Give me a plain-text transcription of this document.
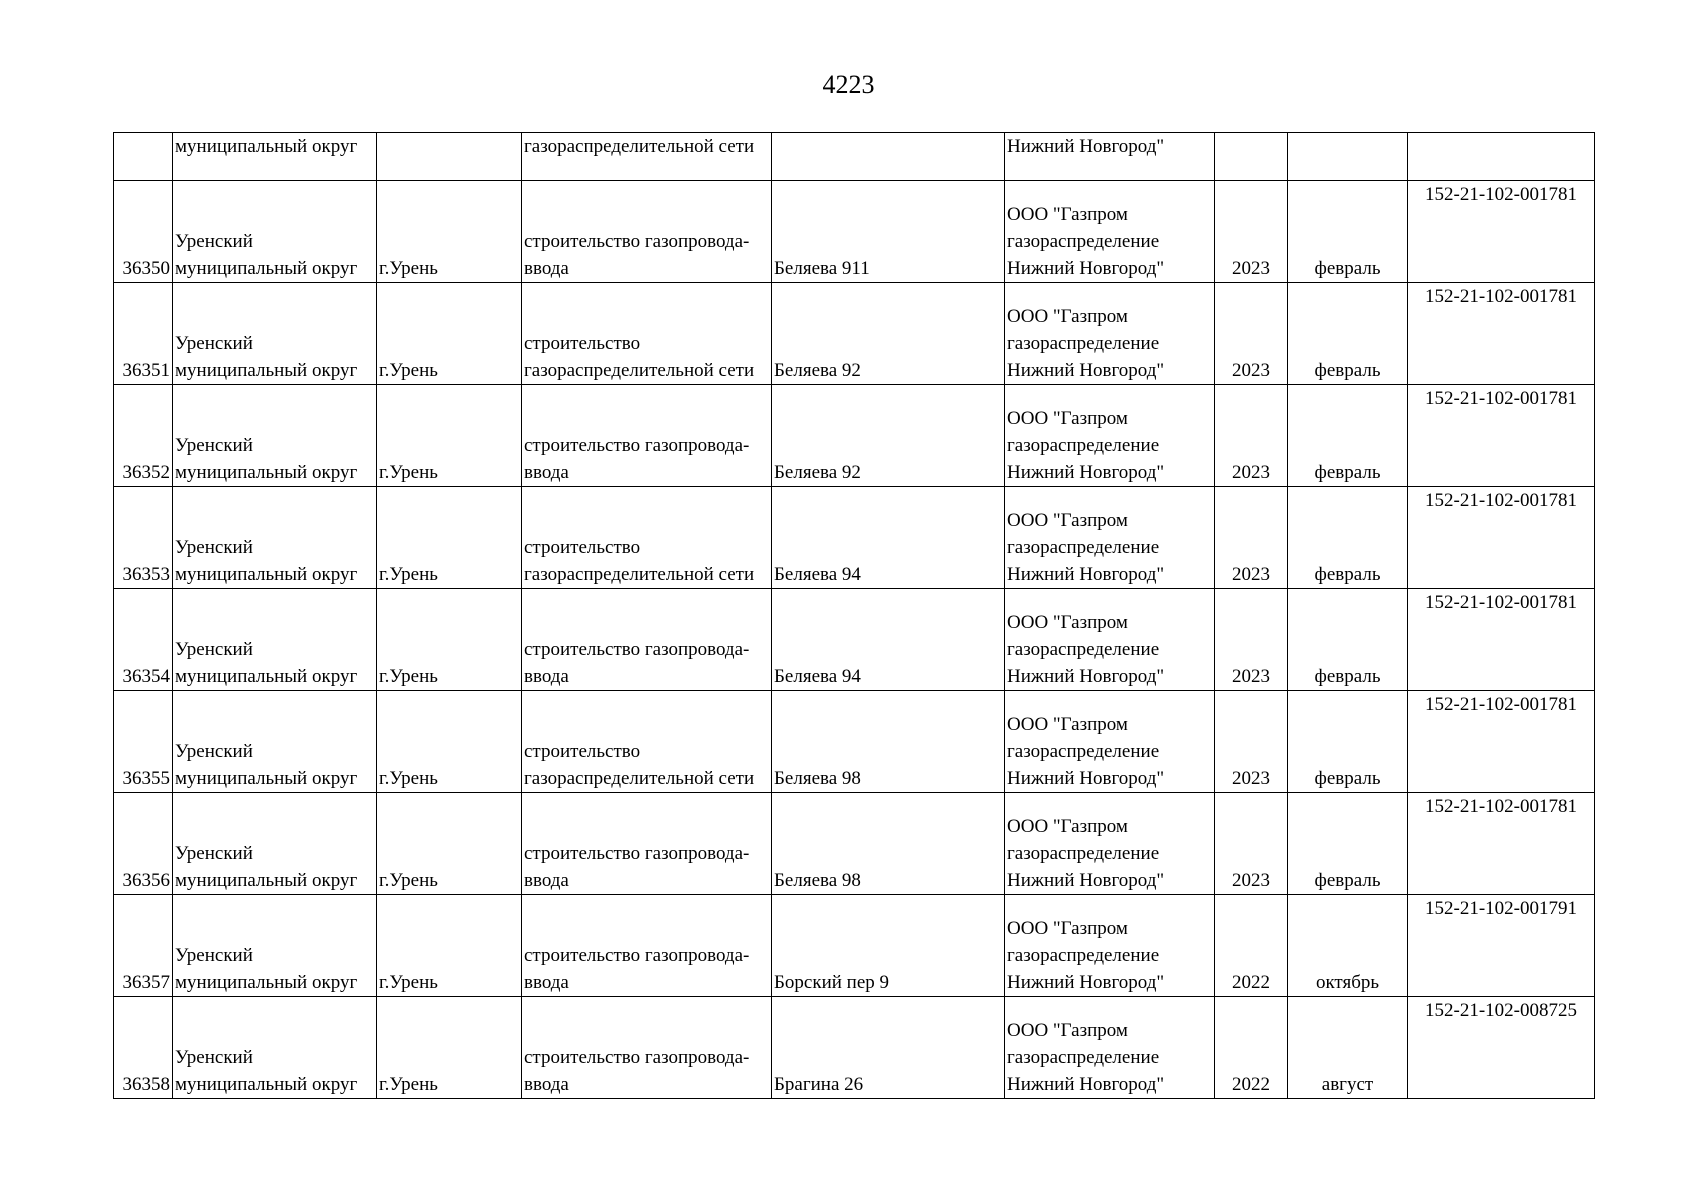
4223
	муниципальный округ		газораспределительной сети		Нижний Новгород"			
36350	Уренский
муниципальный округ	г.Урень	строительство газопровода-
ввода	Беляева 911	ООО "Газпром
газораспределение
Нижний Новгород"	2023	февраль	152-21-102-001781
36351	Уренский
муниципальный округ	г.Урень	строительство
газораспределительной сети	Беляева 92	ООО "Газпром
газораспределение
Нижний Новгород"	2023	февраль	152-21-102-001781
36352	Уренский
муниципальный округ	г.Урень	строительство газопровода-
ввода	Беляева 92	ООО "Газпром
газораспределение
Нижний Новгород"	2023	февраль	152-21-102-001781
36353	Уренский
муниципальный округ	г.Урень	строительство
газораспределительной сети	Беляева 94	ООО "Газпром
газораспределение
Нижний Новгород"	2023	февраль	152-21-102-001781
36354	Уренский
муниципальный округ	г.Урень	строительство газопровода-
ввода	Беляева 94	ООО "Газпром
газораспределение
Нижний Новгород"	2023	февраль	152-21-102-001781
36355	Уренский
муниципальный округ	г.Урень	строительство
газораспределительной сети	Беляева 98	ООО "Газпром
газораспределение
Нижний Новгород"	2023	февраль	152-21-102-001781
36356	Уренский
муниципальный округ	г.Урень	строительство газопровода-
ввода	Беляева 98	ООО "Газпром
газораспределение
Нижний Новгород"	2023	февраль	152-21-102-001781
36357	Уренский
муниципальный округ	г.Урень	строительство газопровода-
ввода	Борский пер 9	ООО "Газпром
газораспределение
Нижний Новгород"	2022	октябрь	152-21-102-001791
36358	Уренский
муниципальный округ	г.Урень	строительство газопровода-
ввода	Брагина 26	ООО "Газпром
газораспределение
Нижний Новгород"	2022	август	152-21-102-008725
